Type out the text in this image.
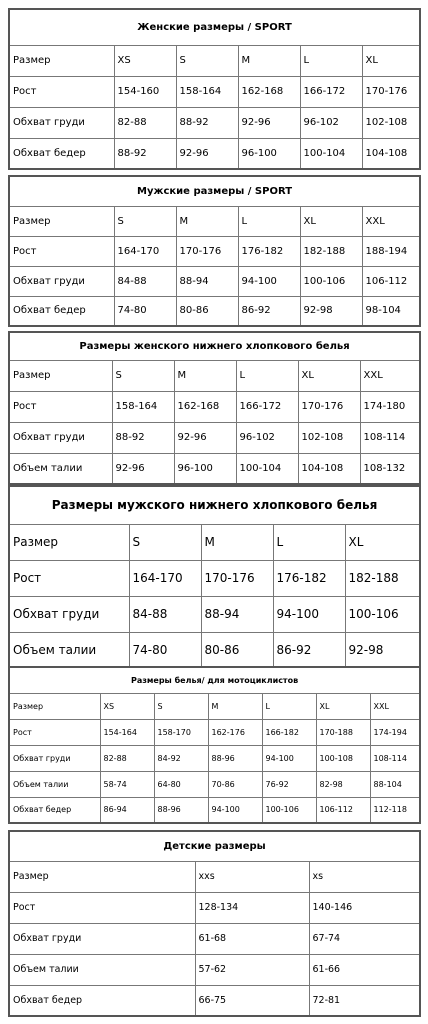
Женские размеры / SPORT					
Размер	XS	S	M	L	XL
Рост	154-160	158-164	162-168	166-172	170-176
Обхват груди	82-88	88-92	92-96	96-102	102-108
Обхват бедер	88-92	92-96	96-100	100-104	104-108
Мужские размеры / SPORT					
Размер	S	M	L	XL	XXL
Рост	164-170	170-176	176-182	182-188	188-194
Обхват груди	84-88	88-94	94-100	100-106	106-112
Обхват бедер	74-80	80-86	86-92	92-98	98-104
Размеры женского нижнего хлопкового белья					
Размер	S	M	L	XL	XXL
Рост	158-164	162-168	166-172	170-176	174-180
Обхват груди	88-92	92-96	96-102	102-108	108-114
Объем талии	92-96	96-100	100-104	104-108	108-132
Размеры мужского нижнего хлопкового белья				
Размер	S	M	L	XL
Рост	164-170	170-176	176-182	182-188
Обхват груди	84-88	88-94	94-100	100-106
Объем талии	74-80	80-86	86-92	92-98
Размеры белья/ для мотоциклистов						
Размер	XS	S	M	L	XL	XXL
Рост	154-164	158-170	162-176	166-182	170-188	174-194
Обхват груди	82-88	84-92	88-96	94-100	100-108	108-114
Объем талии	58-74	64-80	70-86	76-92	82-98	88-104
Обхват бедер	86-94	88-96	94-100	100-106	106-112	112-118
Детские размеры		
Размер	xxs	xs
Рост	128-134	140-146
Обхват груди	61-68	67-74
Объем талии	57-62	61-66
Обхват бедер	66-75	72-81
